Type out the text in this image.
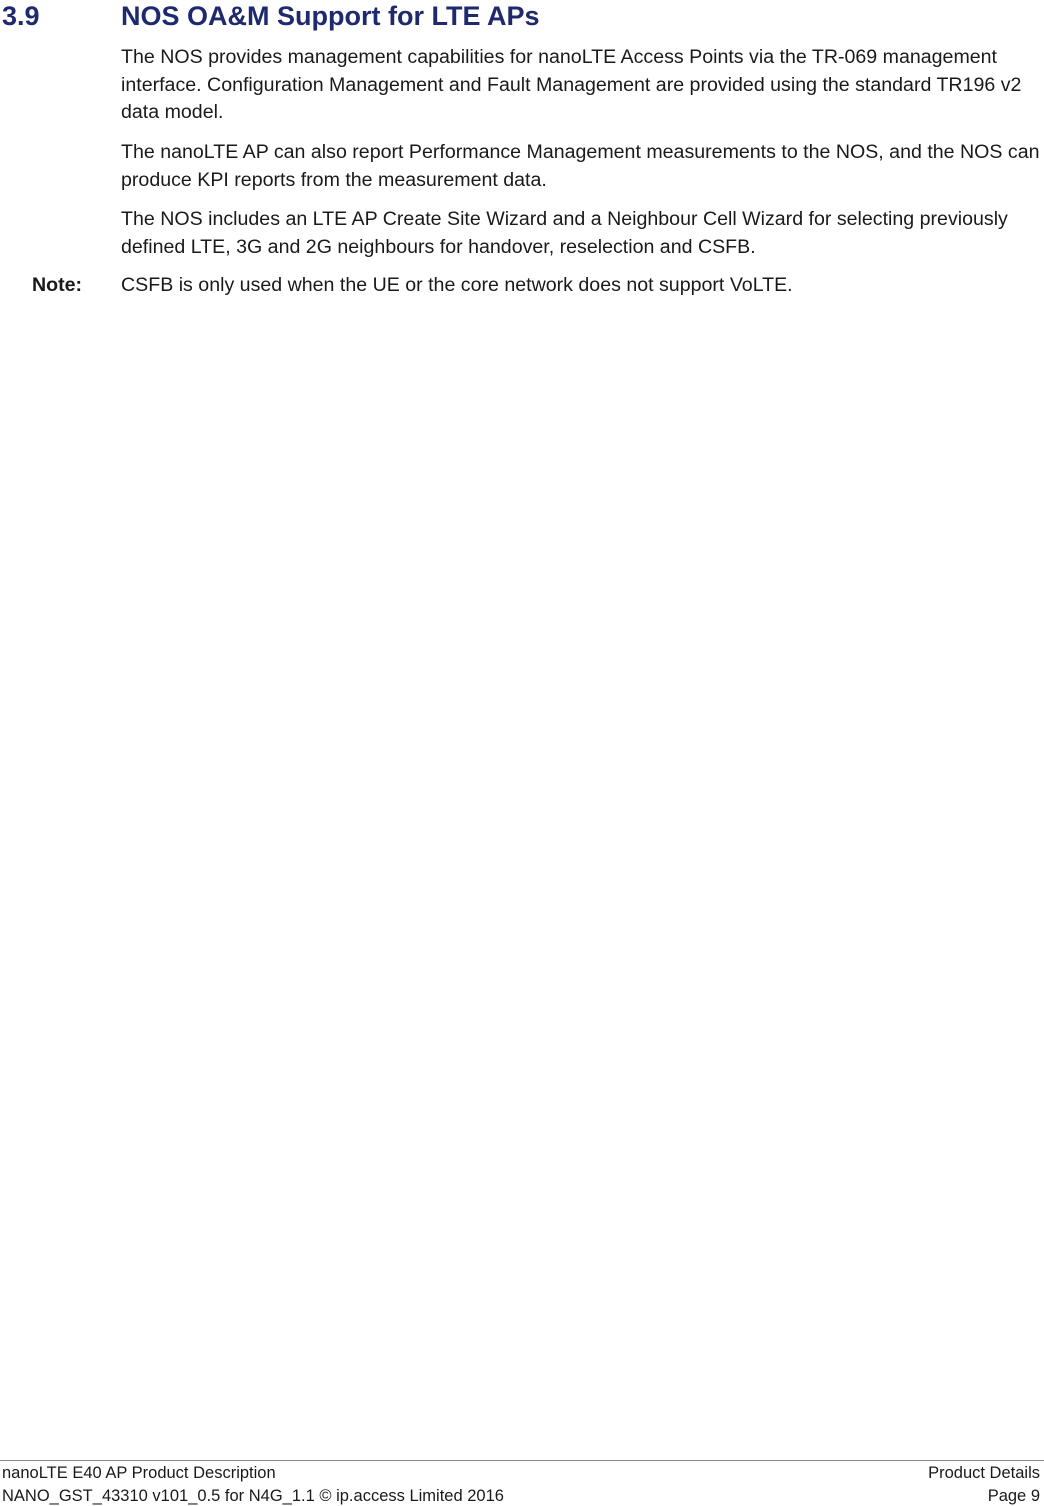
3.9	NOS OA&M Support for LTE APs

The NOS provides management capabilities for nanoLTE Access Points via the TR-069 management interface. Configuration Management and Fault Management are provided using the standard TR196 v2 data model.

The nanoLTE AP can also report Performance Management measurements to the NOS, and the NOS can produce KPI reports from the measurement data.

The NOS includes an LTE AP Create Site Wizard and a Neighbour Cell Wizard for selecting previously defined LTE, 3G and 2G neighbours for handover, reselection and CSFB.

Note: CSFB is only used when the UE or the core network does not support VoLTE.
nanoLTE E40 AP Product Description
NANO_GST_43310 v101_0.5 for N4G_1.1 © ip.access Limited 2016
Product Details
Page 9
